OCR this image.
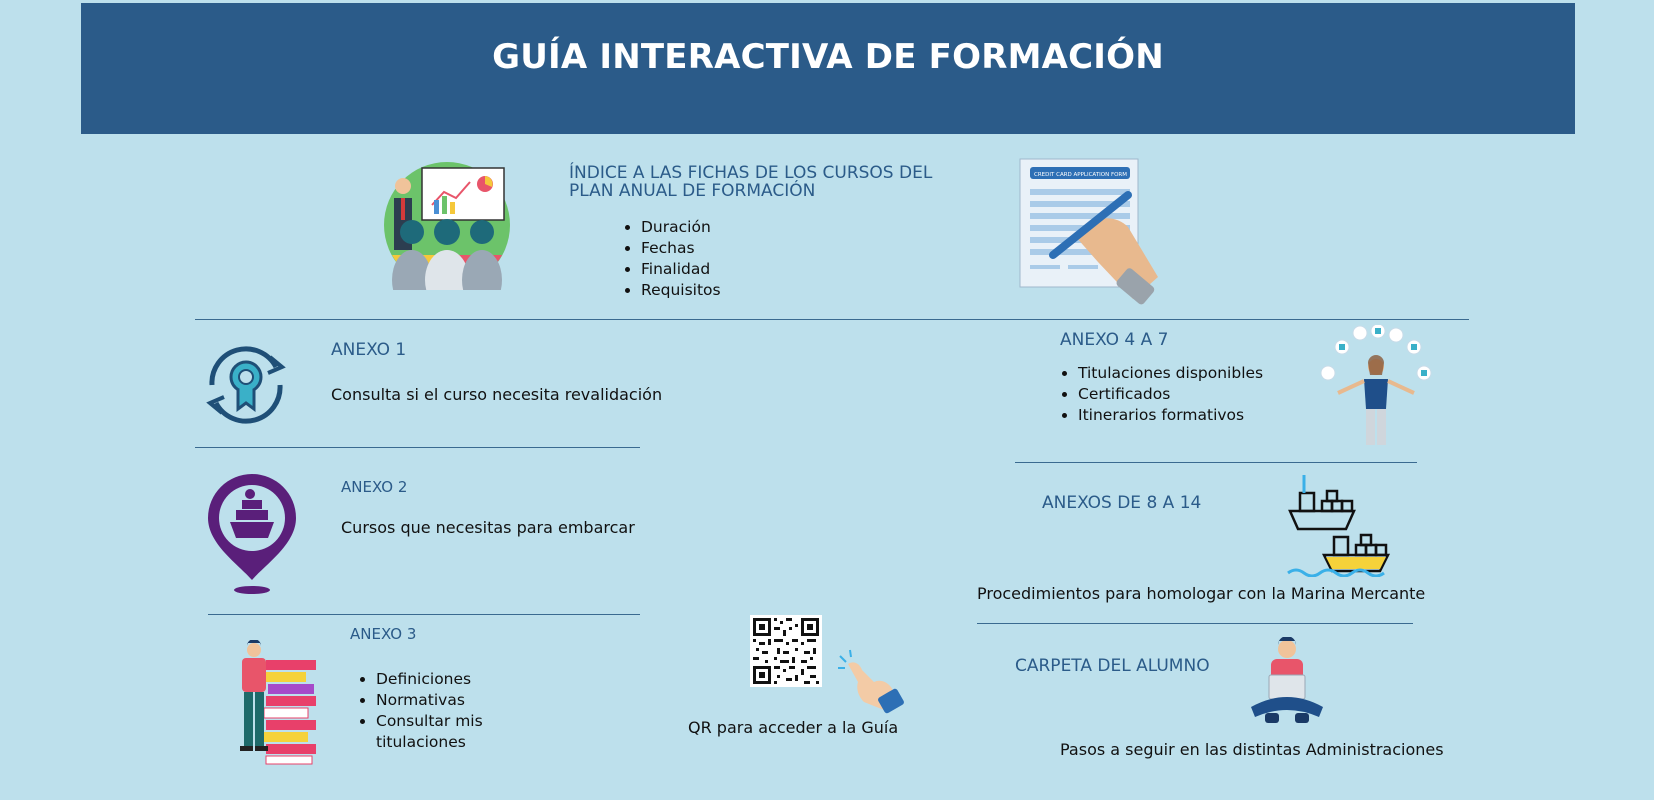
GUÍA INTERACTIVA DE FORMACIÓN
ÍNDICE A LAS FICHAS DE LOS CURSOS DEL
PLAN ANUAL DE FORMACIÓN
• Duración
• Fechas
• Finalidad
• Requisitos
CREDIT CARD APPLICATION FORM
ANEXO 1
Consulta si el curso necesita revalidación
ANEXO 2
Cursos que necesitas para embarcar
ANEXO 3
• Definiciones
• Normativas
• Consultar mis titulaciones
QR para acceder a la Guía
ANEXO 4 A 7
• Titulaciones disponibles
• Certificados
• Itinerarios formativos
ANEXOS DE 8 A 14
Procedimientos para homologar con la Marina Mercante
CARPETA DEL ALUMNO
Pasos a seguir en las distintas Administraciones
